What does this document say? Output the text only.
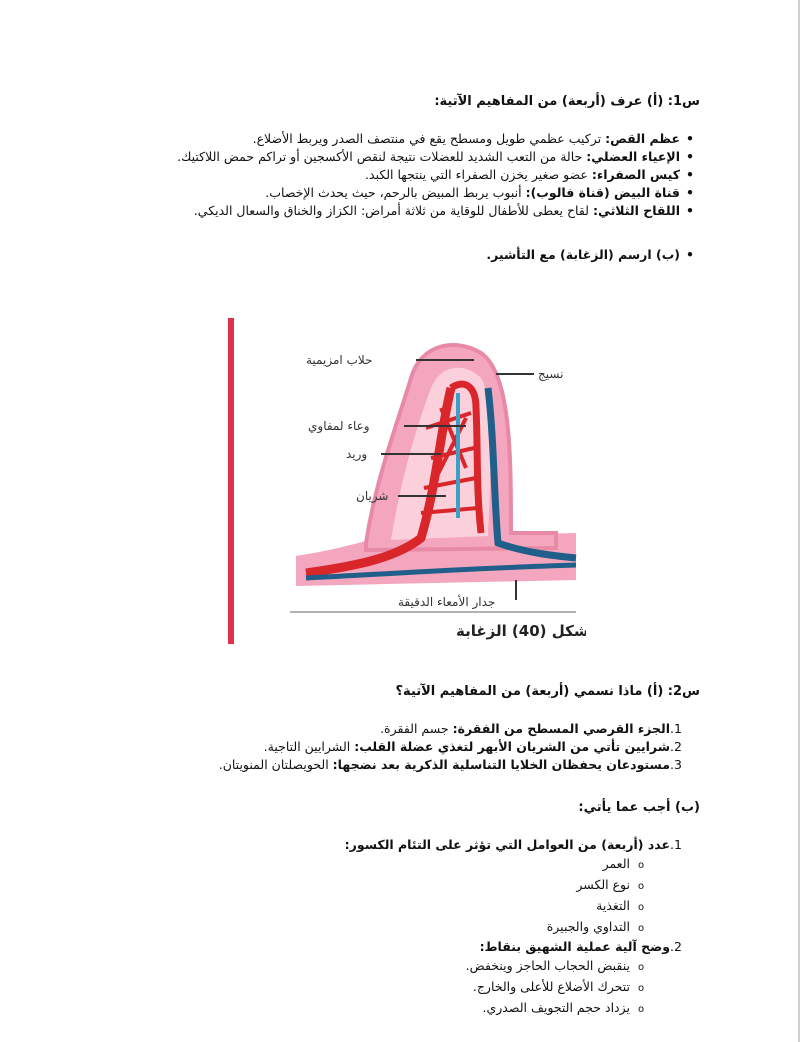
س1: (أ) عرف (أربعة) من المفاهيم الآتية:
• عظم القص: تركيب عظمي طويل ومسطح يقع في منتصف الصدر ويربط الأضلاع.
• الإعياء العضلي: حالة من التعب الشديد للعضلات نتيجة لنقص الأكسجين أو تراكم حمض اللاكتيك.
• كيس الصفراء: عضو صغير يخزن الصفراء التي ينتجها الكبد.
• قناة البيض (قناة فالوب): أنبوب يربط المبيض بالرحم، حيث يحدث الإخصاب.
• اللقاح الثلاثي: لقاح يعطى للأطفال للوقاية من ثلاثة أمراض: الكزاز والخناق والسعال الديكي.
• (ب) ارسم (الزغابة) مع التأشير.
حلاب امزيمية
نسيج
وعاء لمفاوي
وريد
شريان
جدار الأمعاء الدقيقة
شكل (40) الزغابة
س2: (أ) ماذا نسمي (أربعة) من المفاهيم الآتية؟
1.الجزء القرصي المسطح من الفقرة: جسم الفقرة.
2.شرايين تأتي من الشريان الأبهر لتغذي عضلة القلب: الشرايين التاجية.
3.مستودعان يحفظان الخلايا التناسلية الذكرية بعد نضجها: الحويصلتان المنويتان.
(ب) أجب عما يأتي:
1.عدد (أربعة) من العوامل التي تؤثر على التئام الكسور:
o العمر
o نوع الكسر
o التغذية
o التداوي والجبيرة
2.وضح آلية عملية الشهيق بنقاط:
o ينقبض الحجاب الحاجز وينخفض.
o تتحرك الأضلاع للأعلى والخارج.
o يزداد حجم التجويف الصدري.
